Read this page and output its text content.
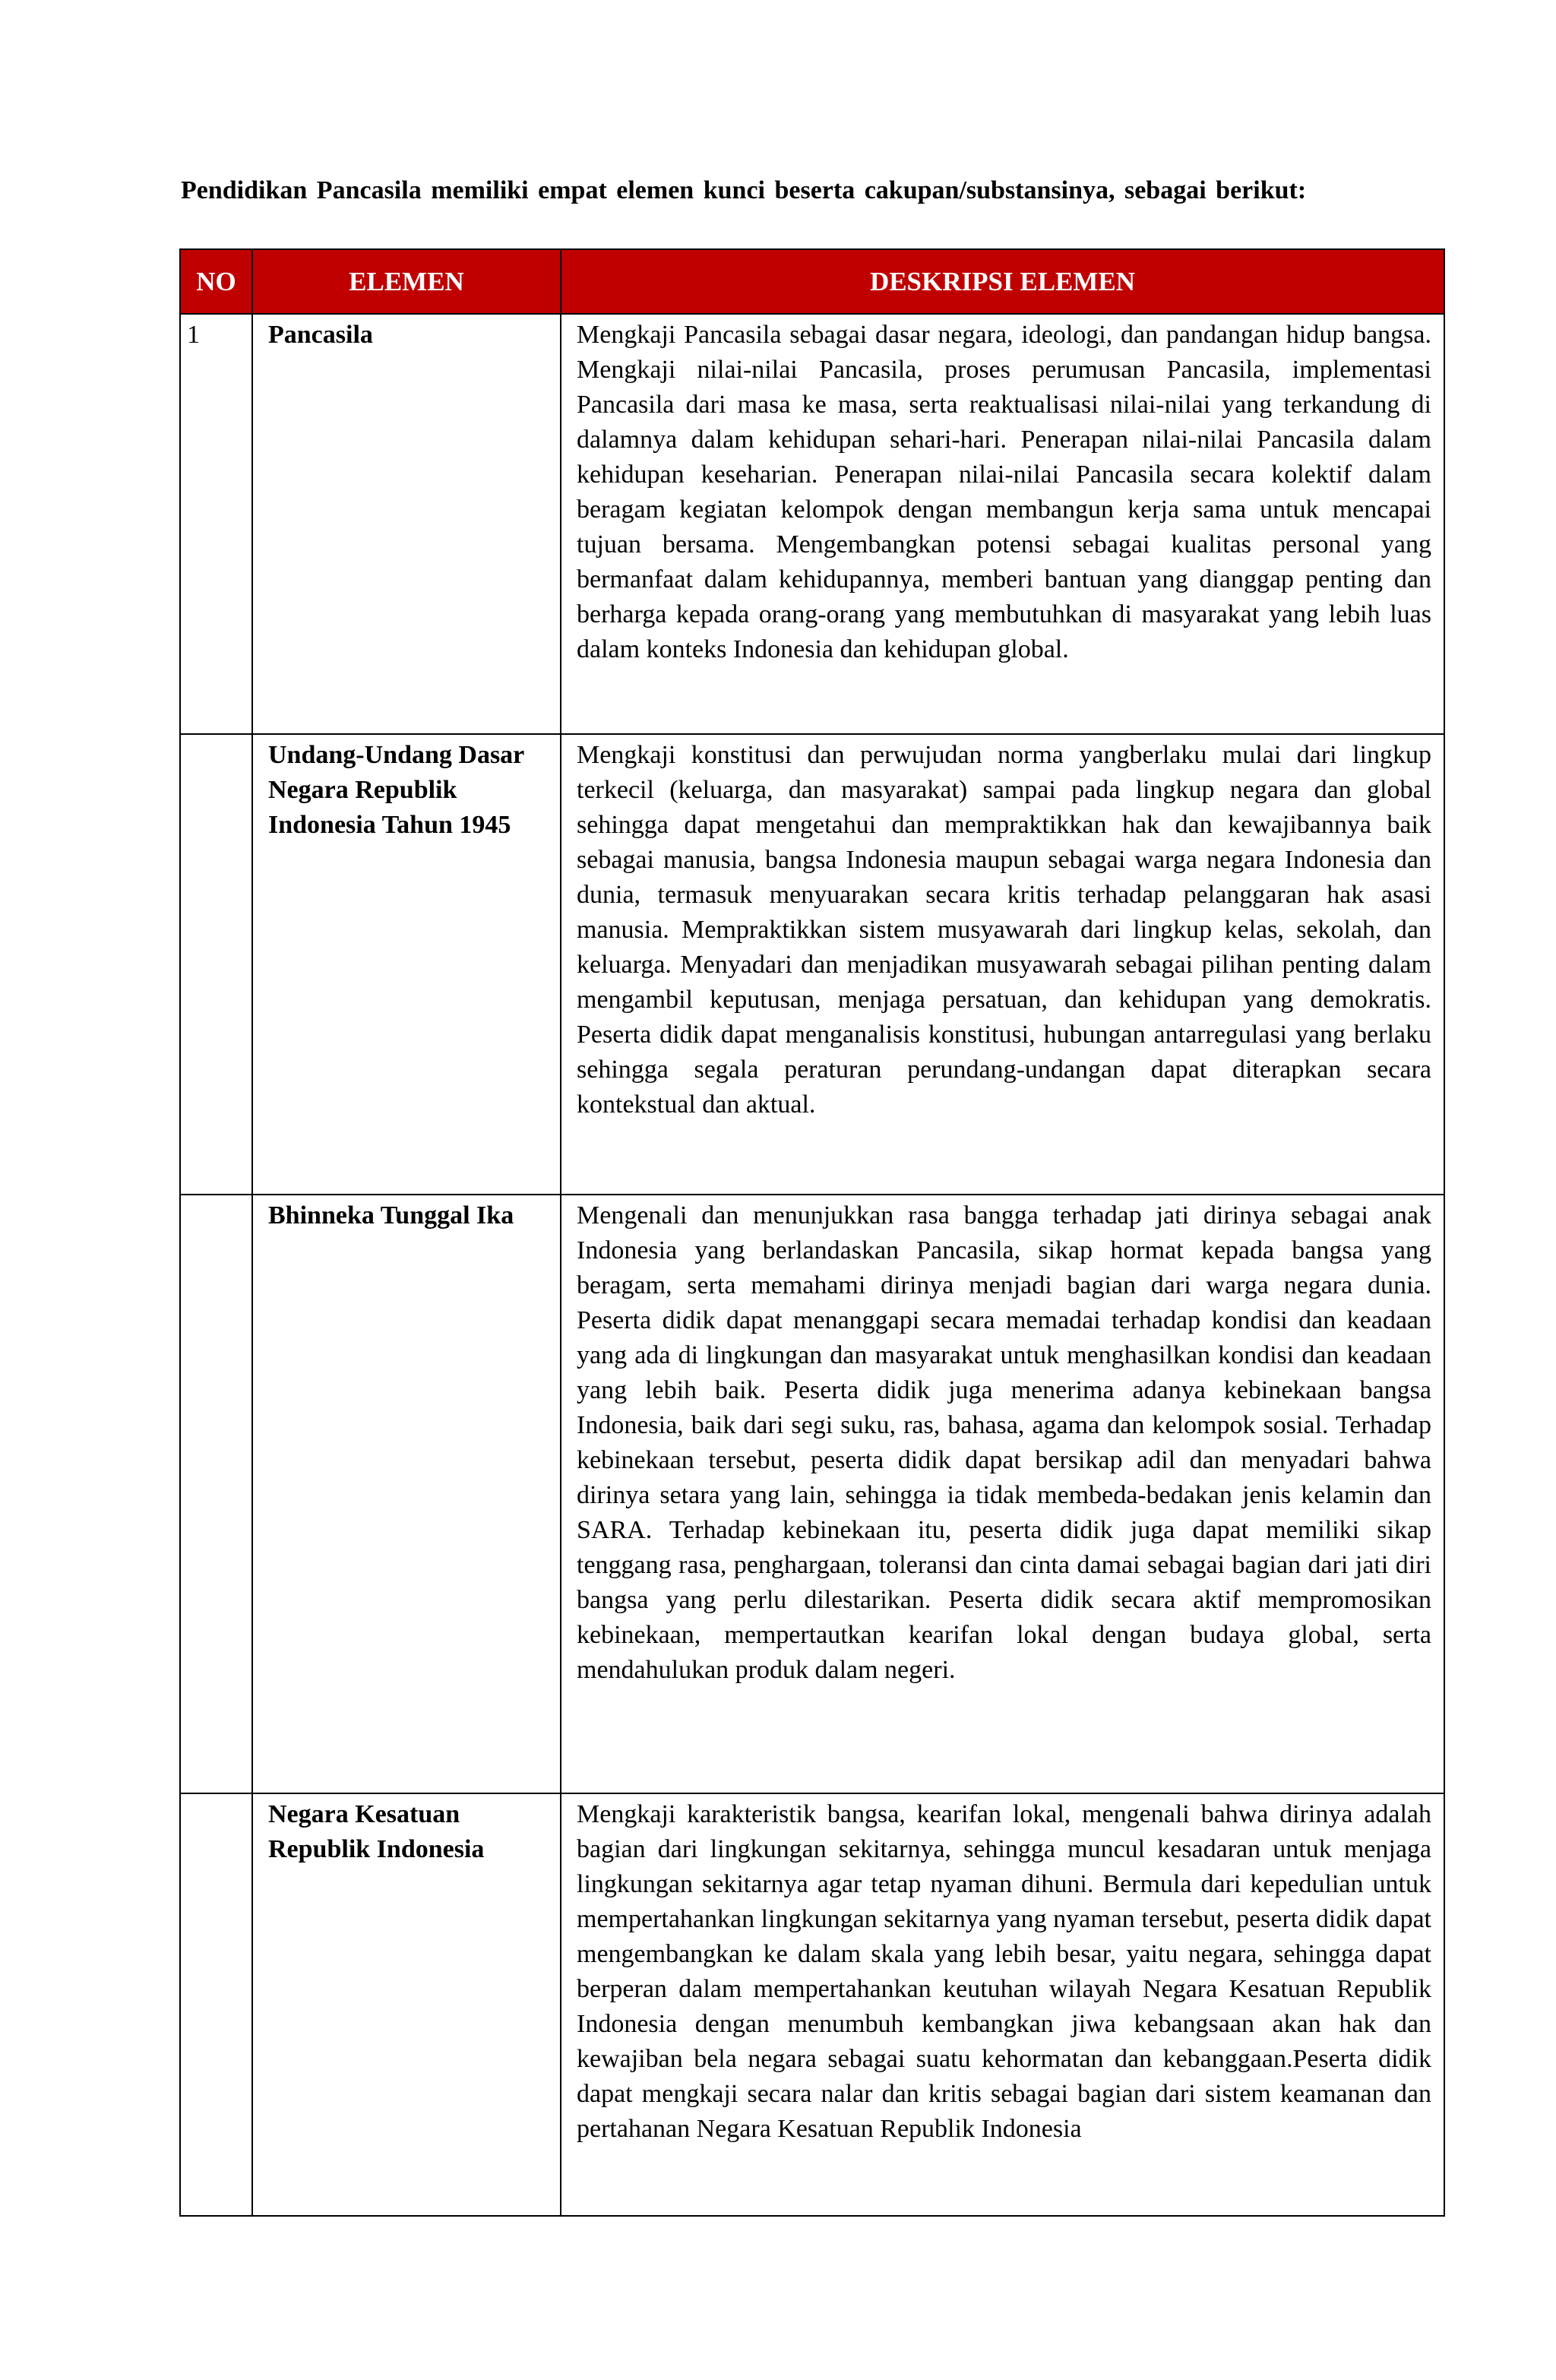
Pendidikan Pancasila memiliki empat elemen kunci beserta cakupan/substansinya, sebagai berikut:

NO	ELEMEN	DESKRIPSI ELEMEN
1	Pancasila	Mengkaji Pancasila sebagai dasar negara, ideologi, dan pandangan hidup bangsa. Mengkaji nilai-nilai Pancasila, proses perumusan Pancasila, implementasi Pancasila dari masa ke masa, serta reaktualisasi nilai-nilai yang terkandung di dalamnya dalam kehidupan sehari-hari. Penerapan nilai-nilai Pancasila dalam kehidupan keseharian. Penerapan nilai-nilai Pancasila secara kolektif dalam beragam kegiatan kelompok dengan membangun kerja sama untuk mencapai tujuan bersama. Mengembangkan potensi sebagai kualitas personal yang bermanfaat dalam kehidupannya, memberi bantuan yang dianggap penting dan berharga kepada orang-orang yang membutuhkan di masyarakat yang lebih luas dalam konteks Indonesia dan kehidupan global.
	Undang-Undang Dasar Negara Republik Indonesia Tahun 1945	Mengkaji konstitusi dan perwujudan norma yangberlaku mulai dari lingkup terkecil (keluarga, dan masyarakat) sampai pada lingkup negara dan global sehingga dapat mengetahui dan mempraktikkan hak dan kewajibannya baik sebagai manusia, bangsa Indonesia maupun sebagai warga negara Indonesia dan dunia, termasuk menyuarakan secara kritis terhadap pelanggaran hak asasi manusia. Mempraktikkan sistem musyawarah dari lingkup kelas, sekolah, dan keluarga. Menyadari dan menjadikan musyawarah sebagai pilihan penting dalam mengambil keputusan, menjaga persatuan, dan kehidupan yang demokratis. Peserta didik dapat menganalisis konstitusi, hubungan antarregulasi yang berlaku sehingga segala peraturan perundang-undangan dapat diterapkan secara kontekstual dan aktual.
	Bhinneka Tunggal Ika	Mengenali dan menunjukkan rasa bangga terhadap jati dirinya sebagai anak Indonesia yang berlandaskan Pancasila, sikap hormat kepada bangsa yang beragam, serta memahami dirinya menjadi bagian dari warga negara dunia. Peserta didik dapat menanggapi secara memadai terhadap kondisi dan keadaan yang ada di lingkungan dan masyarakat untuk menghasilkan kondisi dan keadaan yang lebih baik. Peserta didik juga menerima adanya kebinekaan bangsa Indonesia, baik dari segi suku, ras, bahasa, agama dan kelompok sosial. Terhadap kebinekaan tersebut, peserta didik dapat bersikap adil dan menyadari bahwa dirinya setara yang lain, sehingga ia tidak membeda-bedakan jenis kelamin dan SARA. Terhadap kebinekaan itu, peserta didik juga dapat memiliki sikap tenggang rasa, penghargaan, toleransi dan cinta damai sebagai bagian dari jati diri bangsa yang perlu dilestarikan. Peserta didik secara aktif mempromosikan kebinekaan, mempertautkan kearifan lokal dengan budaya global, serta mendahulukan produk dalam negeri.
	Negara Kesatuan Republik Indonesia	Mengkaji karakteristik bangsa, kearifan lokal, mengenali bahwa dirinya adalah bagian dari lingkungan sekitarnya, sehingga muncul kesadaran untuk menjaga lingkungan sekitarnya agar tetap nyaman dihuni. Bermula dari kepedulian untuk mempertahankan lingkungan sekitarnya yang nyaman tersebut, peserta didik dapat mengembangkan ke dalam skala yang lebih besar, yaitu negara, sehingga dapat berperan dalam mempertahankan keutuhan wilayah Negara Kesatuan Republik Indonesia dengan menumbuh kembangkan jiwa kebangsaan akan hak dan kewajiban bela negara sebagai suatu kehormatan dan kebanggaan.Peserta didik dapat mengkaji secara nalar dan kritis sebagai bagian dari sistem keamanan dan pertahanan Negara Kesatuan Republik Indonesia
